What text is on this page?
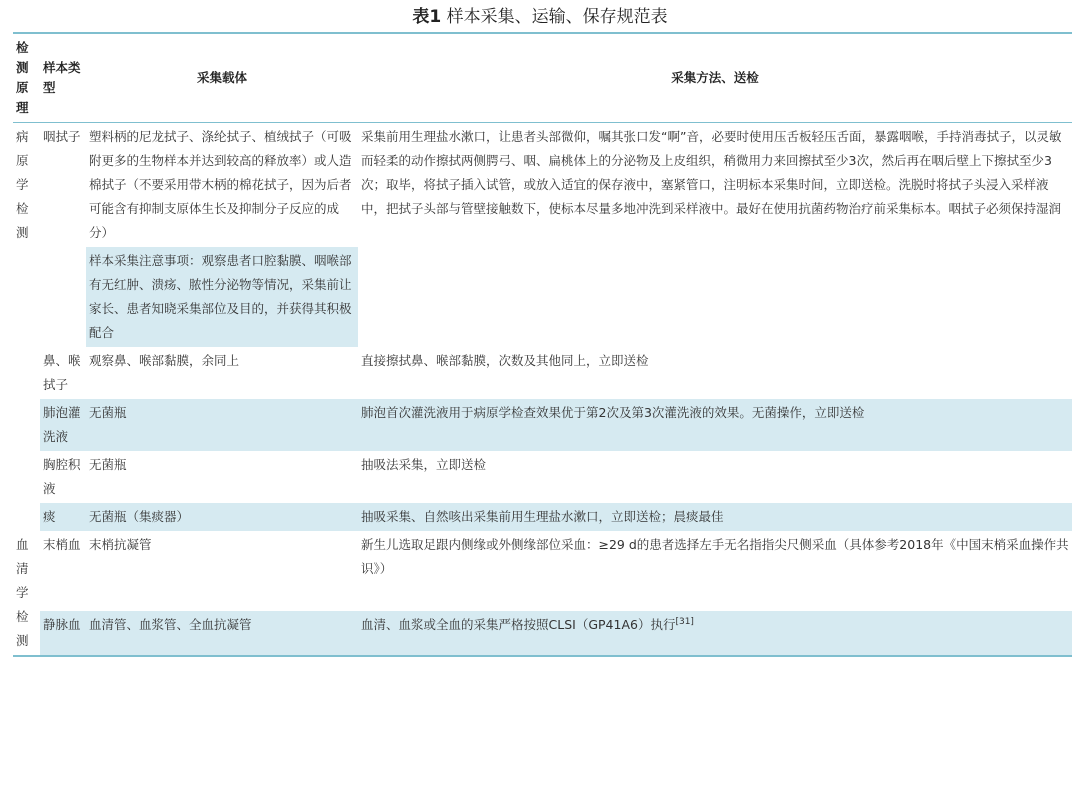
表1 样本采集、运输、保存规范表
检测原理	样本类型	采集载体	采集方法、送检
病原学检测	咽拭子	塑料柄的尼龙拭子、涤纶拭子、植绒拭子（可吸附更多的生物样本并达到较高的释放率）或人造棉拭子（不要采用带木柄的棉花拭子，因为后者可能含有抑制支原体生长及抑制分子反应的成分）	采集前用生理盐水漱口，让患者头部微仰，嘱其张口发“啊”音，必要时使用压舌板轻压舌面，暴露咽喉，手持消毒拭子，以灵敏而轻柔的动作擦拭两侧腭弓、咽、扁桃体上的分泌物及上皮组织，稍微用力来回擦拭至少3次，然后再在咽后壁上下擦拭至少3次；取毕，将拭子插入试管，或放入适宜的保存液中，塞紧管口，注明标本采集时间，立即送检。洗脱时将拭子头浸入采样液中，把拭子头部与管壁接触数下，使标本尽量多地冲洗到采样液中。最好在使用抗菌药物治疗前采集标本。咽拭子必须保持湿润
		样本采集注意事项：观察患者口腔黏膜、咽喉部有无红肿、溃疡、脓性分泌物等情况，采集前让家长、患者知晓采集部位及目的，并获得其积极配合	
	鼻、喉拭子	观察鼻、喉部黏膜，余同上	直接擦拭鼻、喉部黏膜，次数及其他同上，立即送检
	肺泡灌洗液	无菌瓶	肺泡首次灌洗液用于病原学检查效果优于第2次及第3次灌洗液的效果。无菌操作，立即送检
	胸腔积液	无菌瓶	抽吸法采集，立即送检
	痰	无菌瓶（集痰器）	抽吸采集、自然咳出采集前用生理盐水漱口，立即送检；晨痰最佳
血清学检测	末梢血	末梢抗凝管	新生儿选取足跟内侧缘或外侧缘部位采血：≥29 d的患者选择左手无名指指尖尺侧采血（具体参考2018年《中国末梢采血操作共识》）
	静脉血	血清管、血浆管、全血抗凝管	血清、血浆或全血的采集严格按照CLSI（GP41A6）执行[31]
